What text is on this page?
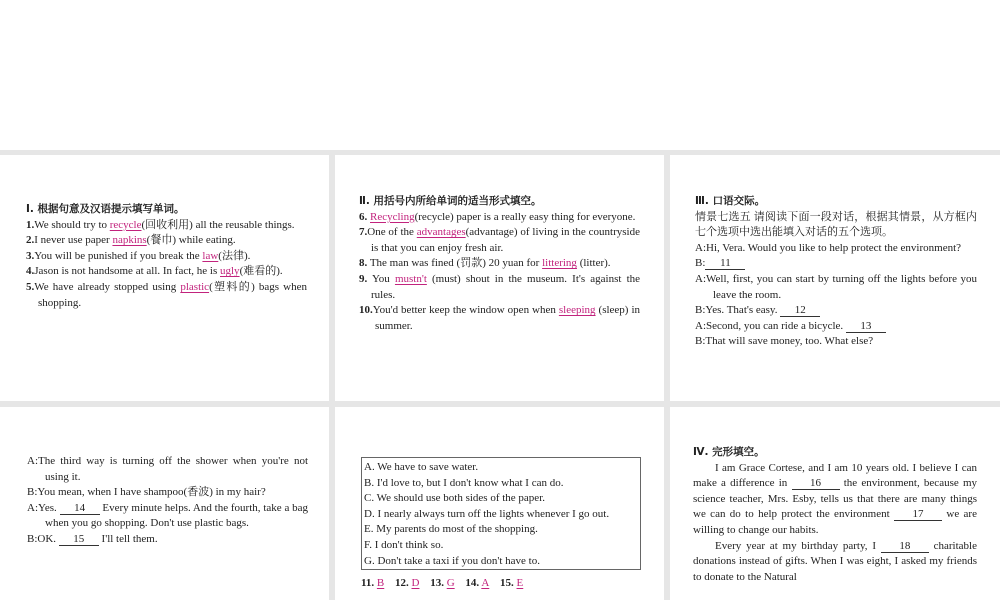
Ⅰ. 根据句意及汉语提示填写单词。
1.We should try to recycle(回收利用) all the reusable things.
2.I never use paper napkins(餐巾) while eating.
3.You will be punished if you break the law(法律).
4.Jason is not handsome at all. In fact, he is ugly(难看的).
5.We have already stopped using plastic(塑料的) bags when shopping.
Ⅱ. 用括号内所给单词的适当形式填空。
6. Recycling(recycle) paper is a really easy thing for everyone.
7.One of the advantages(advantage) of living in the countryside is that you can enjoy fresh air.
8. The man was fined (罚款) 20 yuan for littering (litter).
9. You mustn't (must) shout in the museum. It's against the rules.
10.You'd better keep the window open when sleeping (sleep) in summer.
Ⅲ. 口语交际。
情景七选五 请阅读下面一段对话，根据其情景，从方框内七个选项中选出能填入对话的五个选项。
A:Hi, Vera. Would you like to help protect the environment?
B: 11
A:Well, first, you can start by turning off the lights before you leave the room.
B:Yes. That's easy. 12
A:Second, you can ride a bicycle. 13
B:That will save money, too. What else?
A:The third way is turning off the shower when you're not using it.
B:You mean, when I have shampoo(香波) in my hair?
A:Yes. 14 Every minute helps. And the fourth, take a bag when you go shopping. Don't use plastic bags.
B:OK. 15 I'll tell them.
A. We have to save water.
B. I'd love to, but I don't know what I can do.
C. We should use both sides of the paper.
D. I nearly always turn off the lights whenever I go out.
E. My parents do most of the shopping.
F. I don't think so.
G. Don't take a taxi if you don't have to.
11. B 12. D 13. G 14. A 15. E
Ⅳ. 完形填空。
I am Grace Cortese, and I am 10 years old. I believe I can make a difference in 16 the environment, because my science teacher, Mrs. Esby, tells us that there are many things we can do to help protect the environment 17 we are willing to change our habits.
Every year at my birthday party, I 18 charitable donations instead of gifts. When I was eight, I asked my friends to donate to the Natural
